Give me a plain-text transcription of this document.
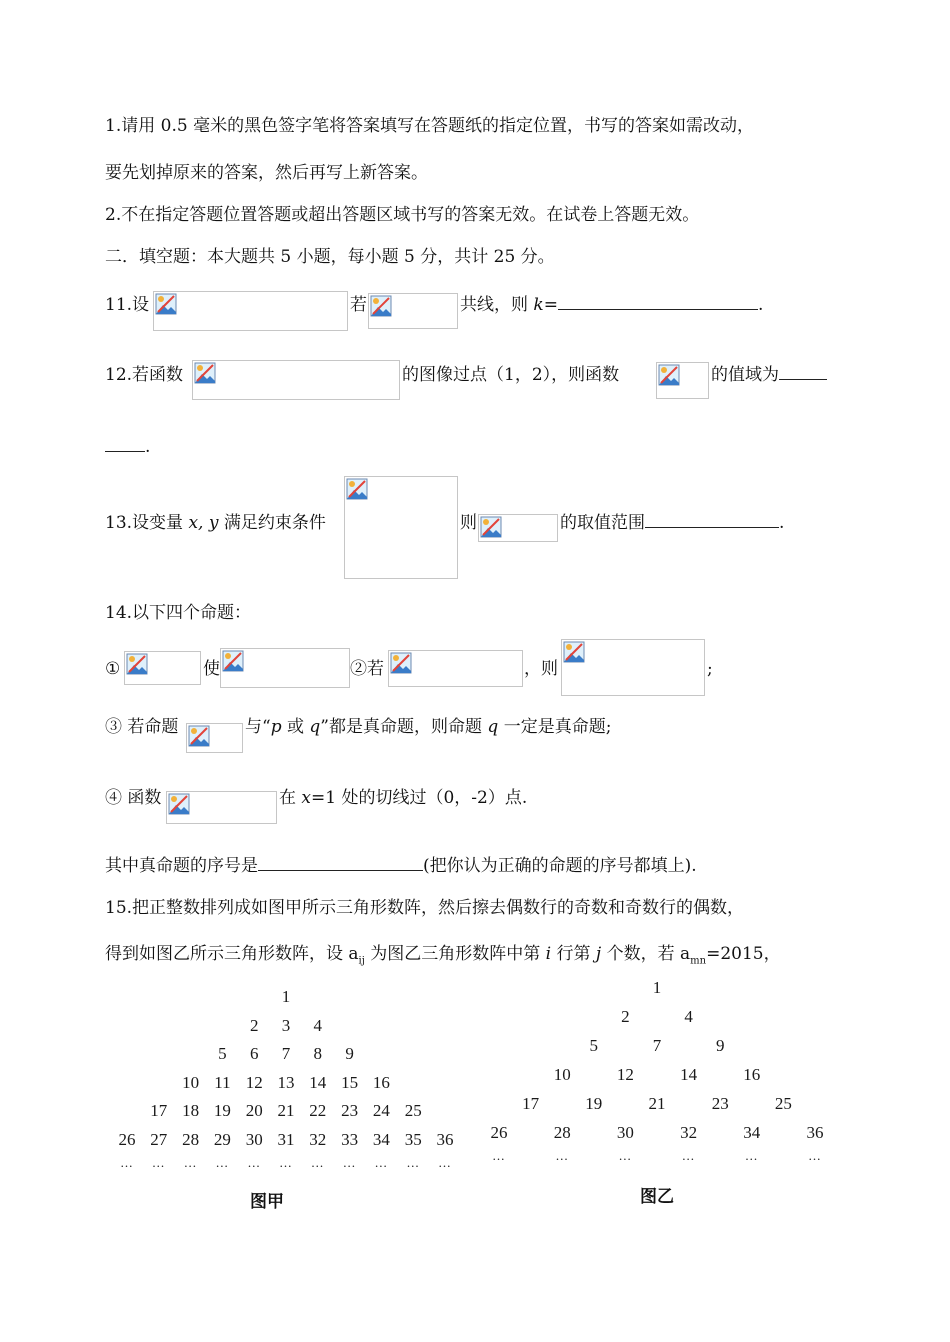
1.请用 0.5 毫米的黑色签字笔将答案填写在答题纸的指定位置，书写的答案如需改动，
要先划掉原来的答案，然后再写上新答案。
2.不在指定答题位置答题或超出答题区域书写的答案无效。在试卷上答题无效。
二．填空题：本大题共 5 小题，每小题 5 分，共计 25 分。
11.设	若	共线，则 k=	.
12.若函数	的图像过点（1，2），则函数	的值域为
.
13.设变量 x, y 满足约束条件	则	的取值范围	.
14.以下四个命题：
①	使	②若	，则	;
③ 若命题	与“p 或 q”都是真命题，则命题 q 一定是真命题;
④ 函数	在 x=1 处的切线过（0，-2）点.
其中真命题的序号是	(把你认为正确的命题的序号都填上).
15.把正整数排列成如图甲所示三角形数阵，然后擦去偶数行的奇数和奇数行的偶数，
得到如图乙所示三角形数阵，设 $a_{ij}$ 为图乙三角形数阵中第 i 行第 j 个数，若 $a_{mn}=2015$，
1
2	3	4
5	6	7	8	9
10 11 12 13 14 15 16
17 18 19 20 21 22 23 24 25
26 27 28 29 30 31 32 33 34 35 36
...	...	...	...	...	...	...	...	...	...	...
1
2	4
5	7	9
10	12	14	16
17	19	21	23	25
26	28	30	32	34	36
...	...	...	...	...	...
图甲	图乙
